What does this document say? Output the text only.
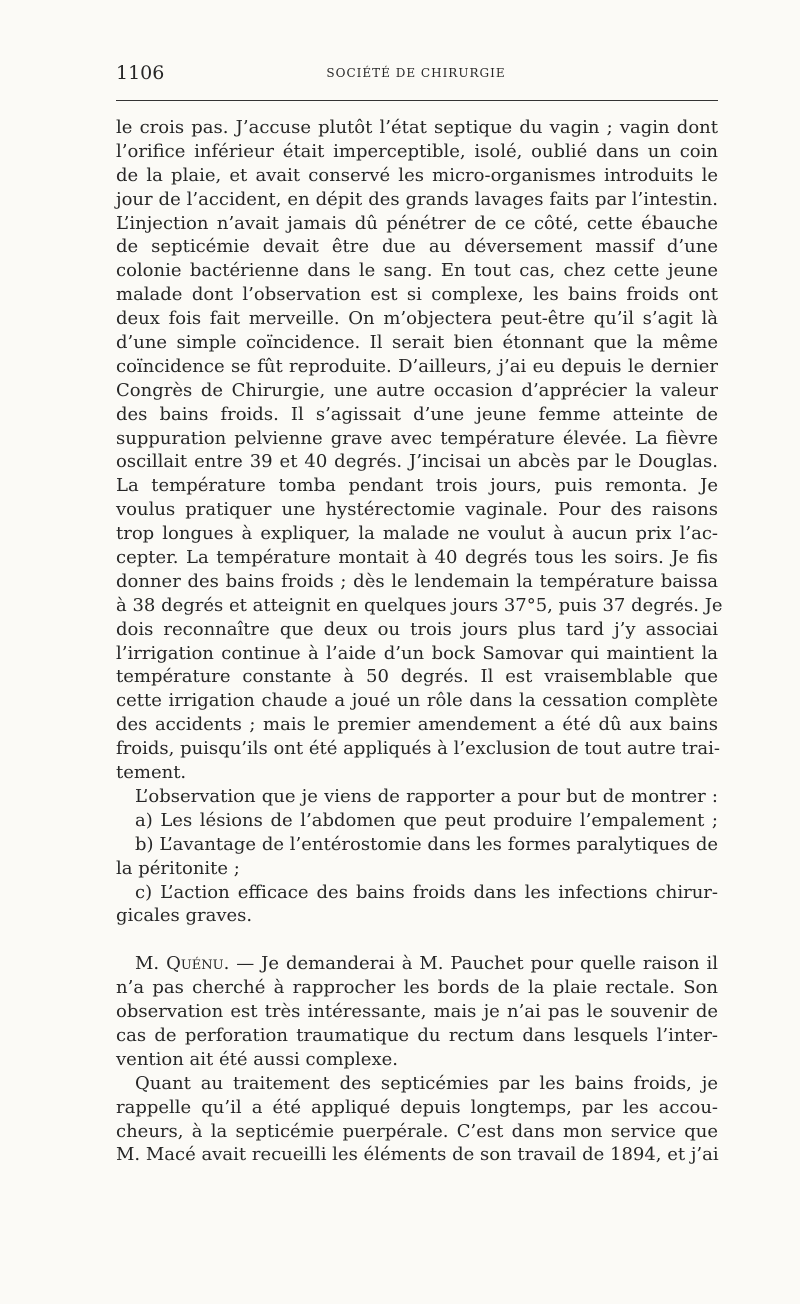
1106	SOCIÉTÉ DE CHIRURGIE
le crois pas. J’accuse plutôt l’état septique du vagin ; vagin dont
l’orifice inférieur était imperceptible, isolé, oublié dans un coin
de la plaie, et avait conservé les micro-organismes introduits le
jour de l’accident, en dépit des grands lavages faits par l’intestin.
L’injection n’avait jamais dû pénétrer de ce côté, cette ébauche
de septicémie devait être due au déversement massif d’une
colonie bactérienne dans le sang. En tout cas, chez cette jeune
malade dont l’observation est si complexe, les bains froids ont
deux fois fait merveille. On m’objectera peut-être qu’il s’agit là
d’une simple coïncidence. Il serait bien étonnant que la même
coïncidence se fût reproduite. D’ailleurs, j’ai eu depuis le dernier
Congrès de Chirurgie, une autre occasion d’apprécier la valeur
des bains froids. Il s’agissait d’une jeune femme atteinte de
suppuration pelvienne grave avec température élevée. La fièvre
oscillait entre 39 et 40 degrés. J’incisai un abcès par le Douglas.
La température tomba pendant trois jours, puis remonta. Je
voulus pratiquer une hystérectomie vaginale. Pour des raisons
trop longues à expliquer, la malade ne voulut à aucun prix l’ac-
cepter. La température montait à 40 degrés tous les soirs. Je fis
donner des bains froids ; dès le lendemain la température baissa
à 38 degrés et atteignit en quelques jours 37°5, puis 37 degrés. Je
dois reconnaître que deux ou trois jours plus tard j’y associai
l’irrigation continue à l’aide d’un bock Samovar qui maintient la
température constante à 50 degrés. Il est vraisemblable que
cette irrigation chaude a joué un rôle dans la cessation complète
des accidents ; mais le premier amendement a été dû aux bains
froids, puisqu’ils ont été appliqués à l’exclusion de tout autre trai-
tement.
L’observation que je viens de rapporter a pour but de montrer :
a) Les lésions de l’abdomen que peut produire l’empalement ;
b) L’avantage de l’entérostomie dans les formes paralytiques de
la péritonite ;
c) L’action efficace des bains froids dans les infections chirur-
gicales graves.
M. Quénu. — Je demanderai à M. Pauchet pour quelle raison il
n’a pas cherché à rapprocher les bords de la plaie rectale. Son
observation est très intéressante, mais je n’ai pas le souvenir de
cas de perforation traumatique du rectum dans lesquels l’inter-
vention ait été aussi complexe.
Quant au traitement des septicémies par les bains froids, je
rappelle qu’il a été appliqué depuis longtemps, par les accou-
cheurs, à la septicémie puerpérale. C’est dans mon service que
M. Macé avait recueilli les éléments de son travail de 1894, et j’ai
